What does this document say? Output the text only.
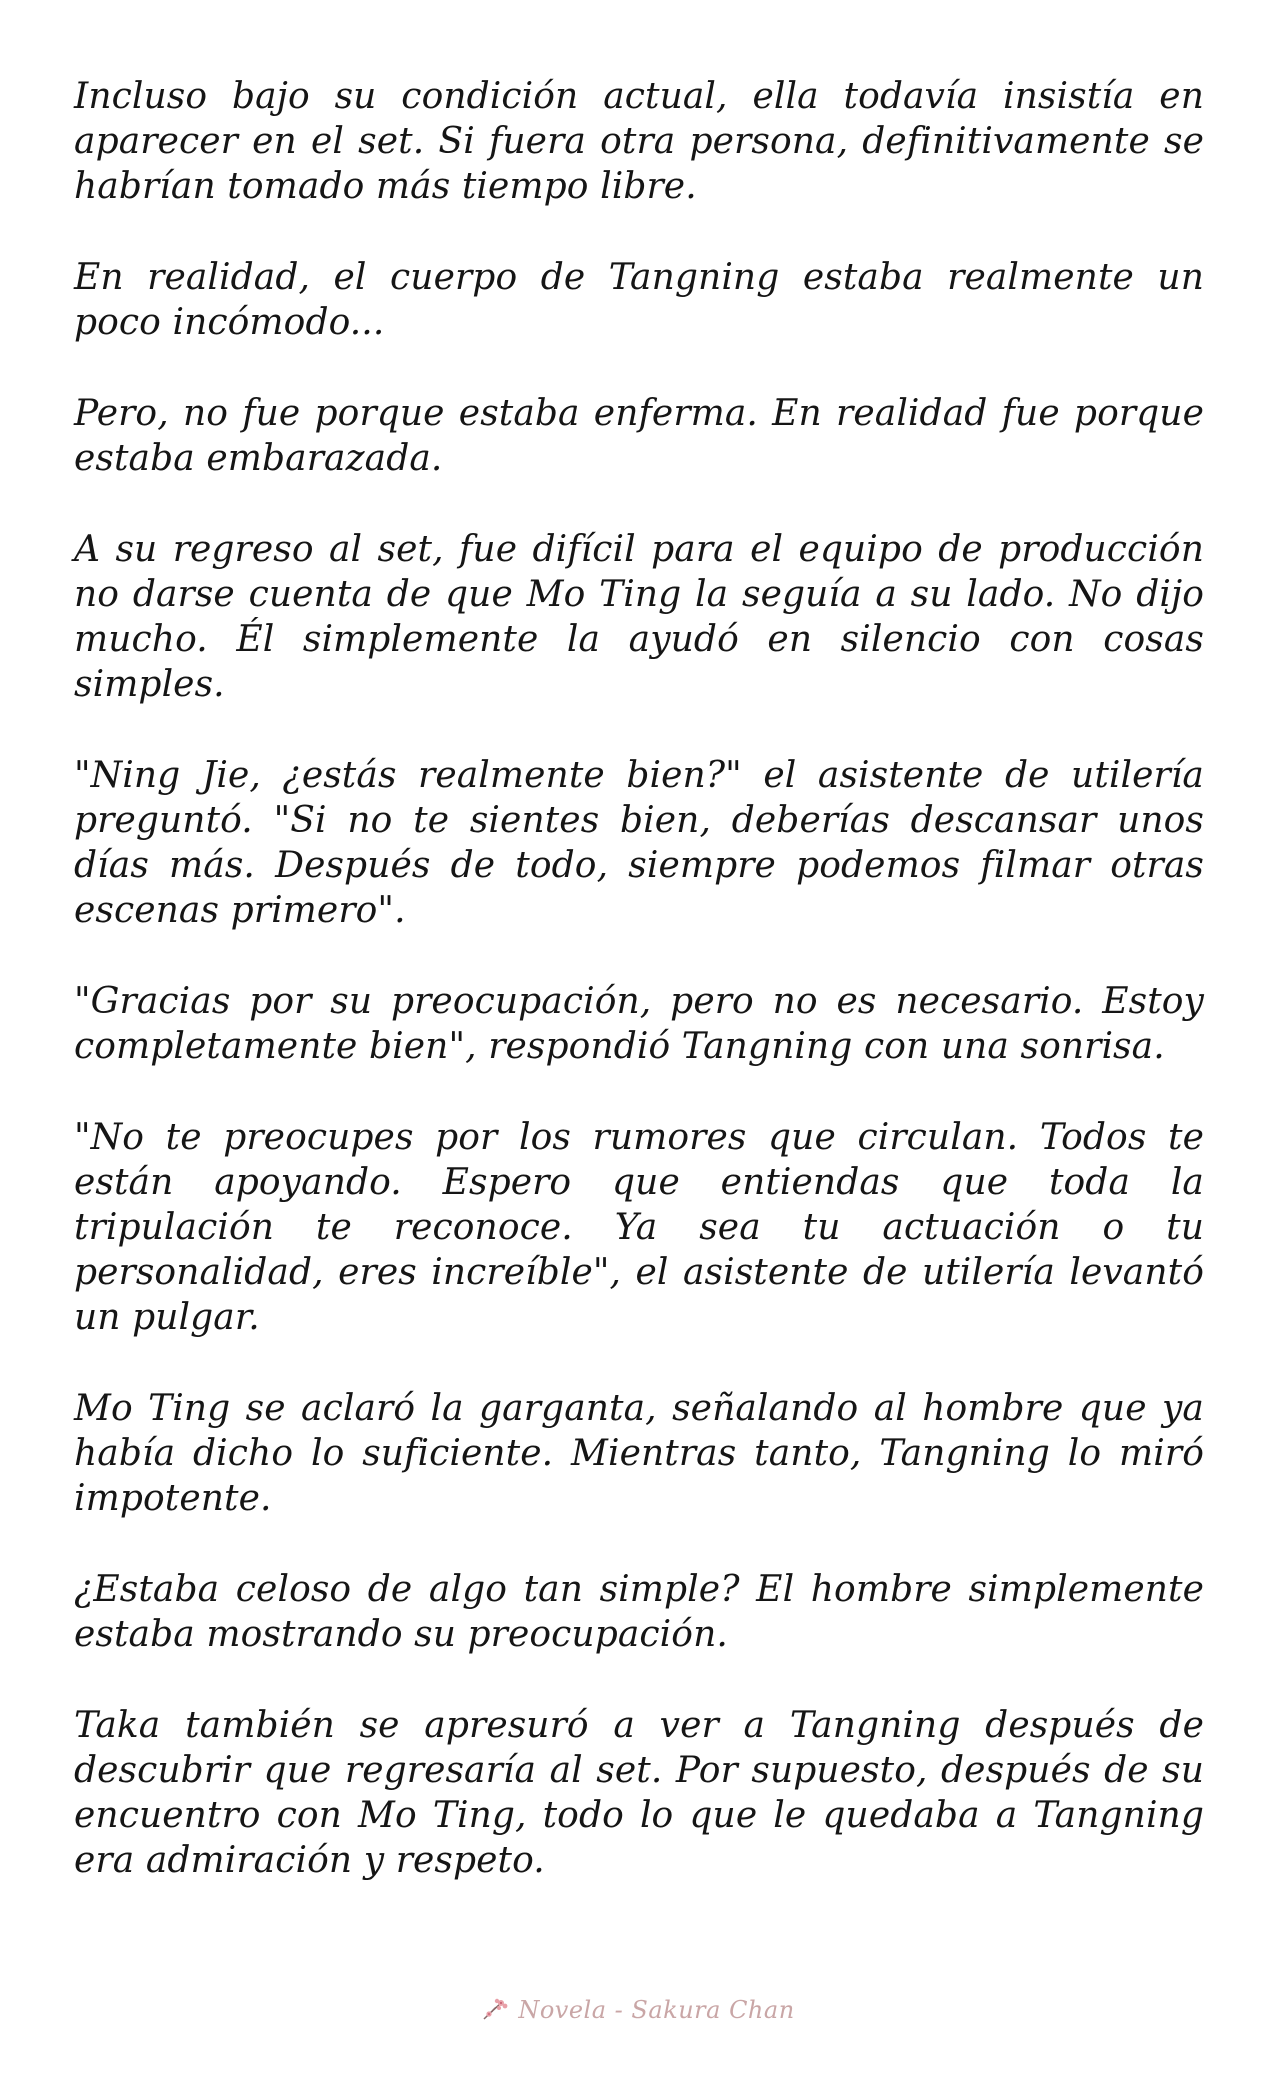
Incluso bajo su condición actual, ella todavía insistía en aparecer en el set. Si fuera otra persona, definitivamente se habrían tomado más tiempo libre.

En realidad, el cuerpo de Tangning estaba realmente un poco incómodo...

Pero, no fue porque estaba enferma. En realidad fue porque estaba embarazada.

A su regreso al set, fue difícil para el equipo de producción no darse cuenta de que Mo Ting la seguía a su lado. No dijo mucho. Él simplemente la ayudó en silencio con cosas simples.

"Ning Jie, ¿estás realmente bien?" el asistente de utilería preguntó. "Si no te sientes bien, deberías descansar unos días más. Después de todo, siempre podemos filmar otras escenas primero".

"Gracias por su preocupación, pero no es necesario. Estoy completamente bien", respondió Tangning con una sonrisa.

"No te preocupes por los rumores que circulan. Todos te están apoyando. Espero que entiendas que toda la tripulación te reconoce. Ya sea tu actuación o tu personalidad, eres increíble", el asistente de utilería levantó un pulgar.

Mo Ting se aclaró la garganta, señalando al hombre que ya había dicho lo suficiente. Mientras tanto, Tangning lo miró impotente.

¿Estaba celoso de algo tan simple? El hombre simplemente estaba mostrando su preocupación.

Taka también se apresuró a ver a Tangning después de descubrir que regresaría al set. Por supuesto, después de su encuentro con Mo Ting, todo lo que le quedaba a Tangning era admiración y respeto.

Novela - Sakura Chan
